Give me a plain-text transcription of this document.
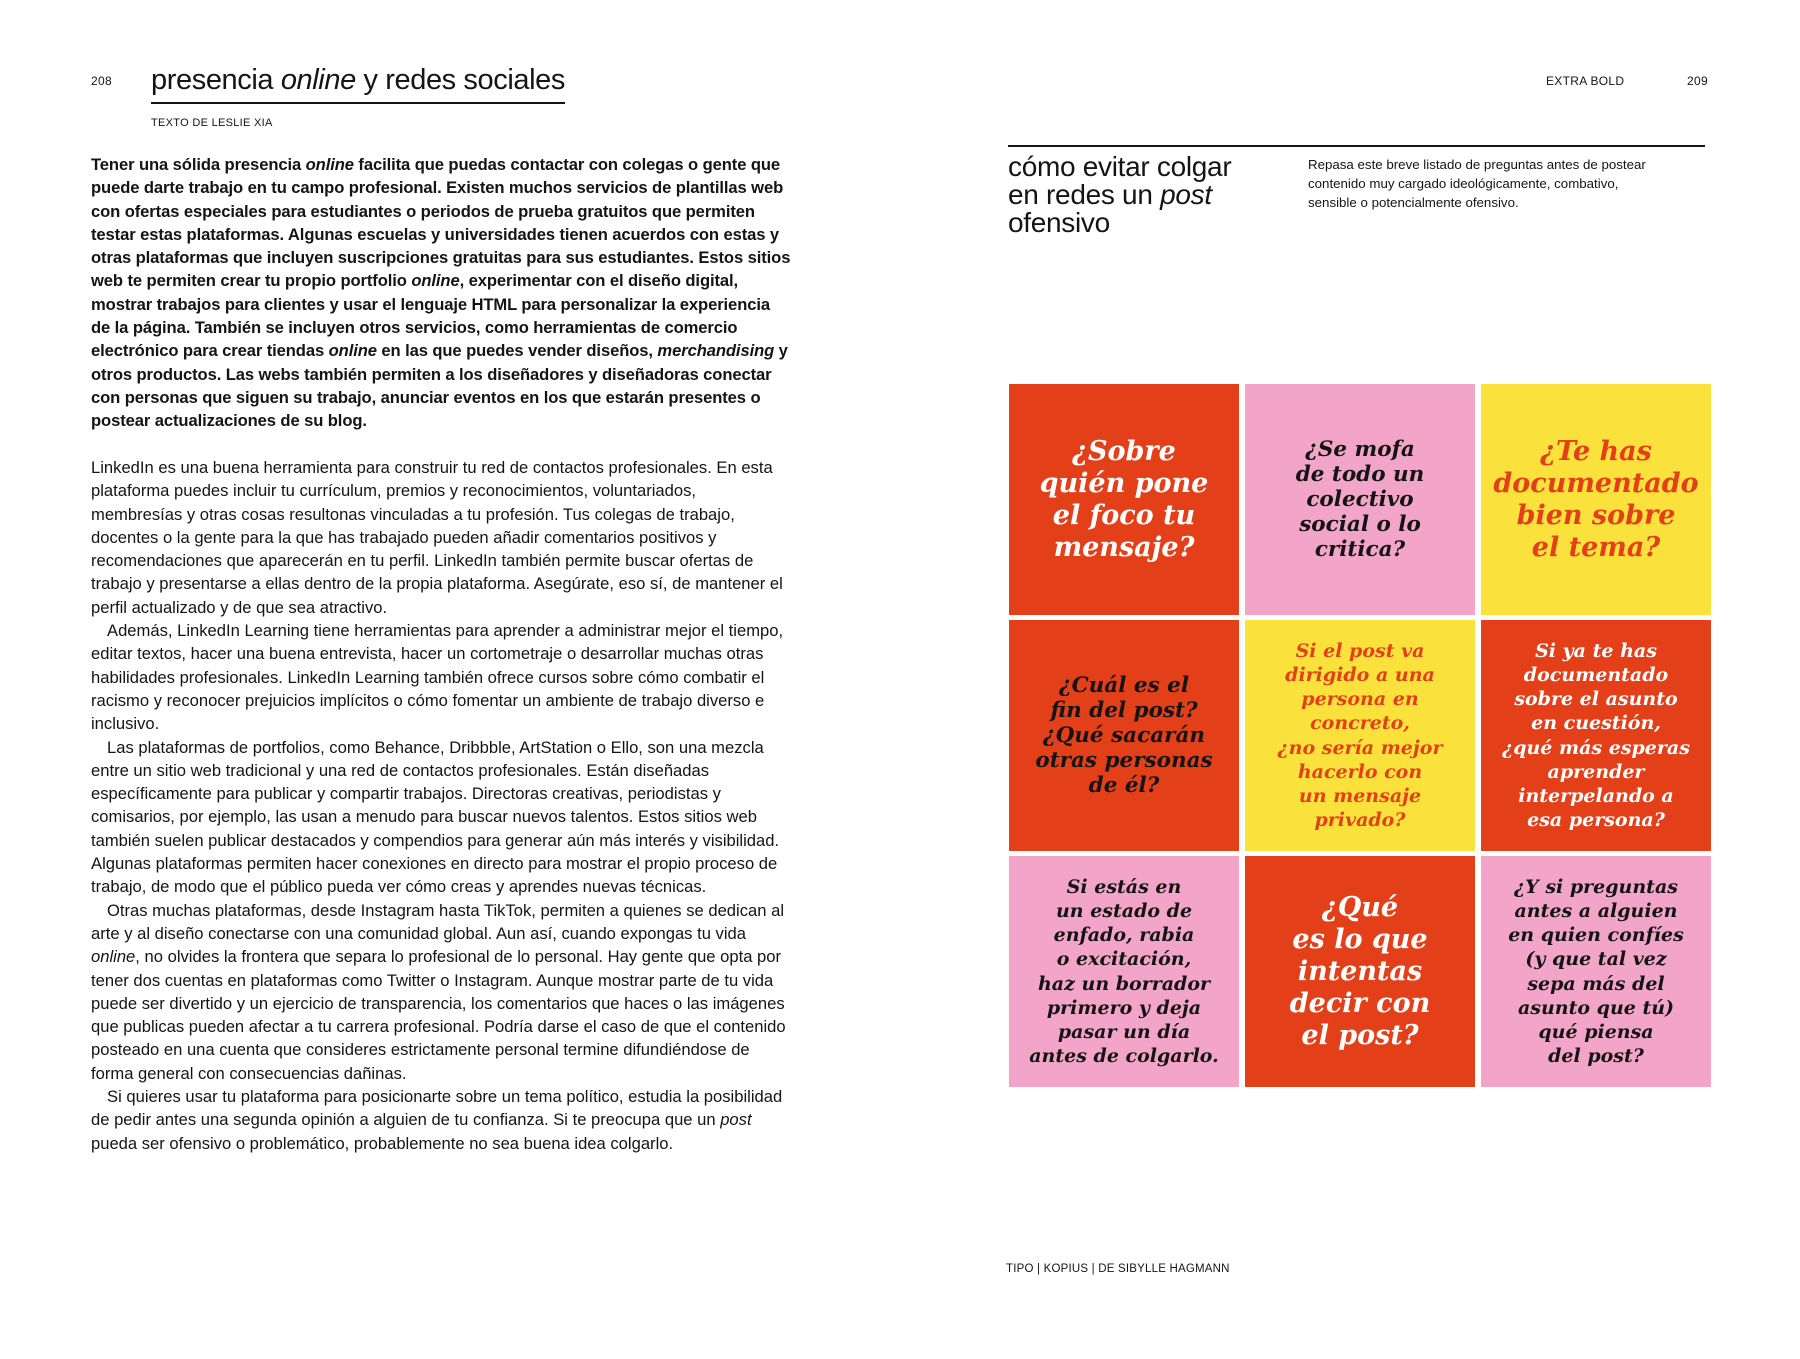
208 presencia online y redes sociales
TEXTO DE LESLIE XIA

Tener una sólida presencia online facilita que puedas contactar con colegas o gente que puede darte trabajo en tu campo profesional. Existen muchos servicios de plantillas web con ofertas especiales para estudiantes o periodos de prueba gratuitos que permiten testar estas plataformas. Algunas escuelas y universidades tienen acuerdos con estas y otras plataformas que incluyen suscripciones gratuitas para sus estudiantes. Estos sitios web te permiten crear tu propio portfolio online, experimentar con el diseño digital, mostrar trabajos para clientes y usar el lenguaje HTML para personalizar la experiencia de la página. También se incluyen otros servicios, como herramientas de comercio electrónico para crear tiendas online en las que puedes vender diseños, merchandising y otros productos. Las webs también permiten a los diseñadores y diseñadoras conectar con personas que siguen su trabajo, anunciar eventos en los que estarán presentes o postear actualizaciones de su blog.

LinkedIn es una buena herramienta para construir tu red de contactos profesionales. En esta plataforma puedes incluir tu currículum, premios y reconocimientos, voluntariados, membresías y otras cosas resultonas vinculadas a tu profesión. Tus colegas de trabajo, docentes o la gente para la que has trabajado pueden añadir comentarios positivos y recomendaciones que aparecerán en tu perfil. LinkedIn también permite buscar ofertas de trabajo y presentarse a ellas dentro de la propia plataforma. Asegúrate, eso sí, de mantener el perfil actualizado y de que sea atractivo.

Además, LinkedIn Learning tiene herramientas para aprender a administrar mejor el tiempo, editar textos, hacer una buena entrevista, hacer un cortometraje o desarrollar muchas otras habilidades profesionales. LinkedIn Learning también ofrece cursos sobre cómo combatir el racismo y reconocer prejuicios implícitos o cómo fomentar un ambiente de trabajo diverso e inclusivo.

Las plataformas de portfolios, como Behance, Dribbble, ArtStation o Ello, son una mezcla entre un sitio web tradicional y una red de contactos profesionales. Están diseñadas específicamente para publicar y compartir trabajos. Directoras creativas, periodistas y comisarios, por ejemplo, las usan a menudo para buscar nuevos talentos. Estos sitios web también suelen publicar destacados y compendios para generar aún más interés y visibilidad. Algunas plataformas permiten hacer conexiones en directo para mostrar el propio proceso de trabajo, de modo que el público pueda ver cómo creas y aprendes nuevas técnicas.

Otras muchas plataformas, desde Instagram hasta TikTok, permiten a quienes se dedican al arte y al diseño conectarse con una comunidad global. Aun así, cuando expongas tu vida online, no olvides la frontera que separa lo profesional de lo personal. Hay gente que opta por tener dos cuentas en plataformas como Twitter o Instagram. Aunque mostrar parte de tu vida puede ser divertido y un ejercicio de transparencia, los comentarios que haces o las imágenes que publicas pueden afectar a tu carrera profesional. Podría darse el caso de que el contenido posteado en una cuenta que consideres estrictamente personal termine difundiéndose de forma general con consecuencias dañinas.

Si quieres usar tu plataforma para posicionarte sobre un tema político, estudia la posibilidad de pedir antes una segunda opinión a alguien de tu confianza. Si te preocupa que un post pueda ser ofensivo o problemático, probablemente no sea buena idea colgarlo.

EXTRA BOLD	209
cómo evitar colgar en redes un post ofensivo
Repasa este breve listado de preguntas antes de postear contenido muy cargado ideológicamente, combativo, sensible o potencialmente ofensivo.
¿Sobre
quién pone
el foco tu
mensaje?
¿Se mofa
de todo un
colectivo
social o lo
critica?
¿Te has
documentado
bien sobre
el tema?
¿Cuál es el
fin del post?
¿Qué sacarán
otras personas
de él?
Si el post va
dirigido a una
persona en
concreto,
¿no sería mejor
hacerlo con
un mensaje
privado?
Si ya te has
documentado
sobre el asunto
en cuestión,
¿qué más esperas
aprender
interpelando a
esa persona?
Si estás en
un estado de
enfado, rabia
o excitación,
haz un borrador
primero y deja
pasar un día
antes de colgarlo.
¿Qué
es lo que
intentas
decir con
el post?
¿Y si preguntas
antes a alguien
en quien confíes
(y que tal vez
sepa más del
asunto que tú)
qué piensa
del post?
TIPO | KOPIUS | DE SIBYLLE HAGMANN
